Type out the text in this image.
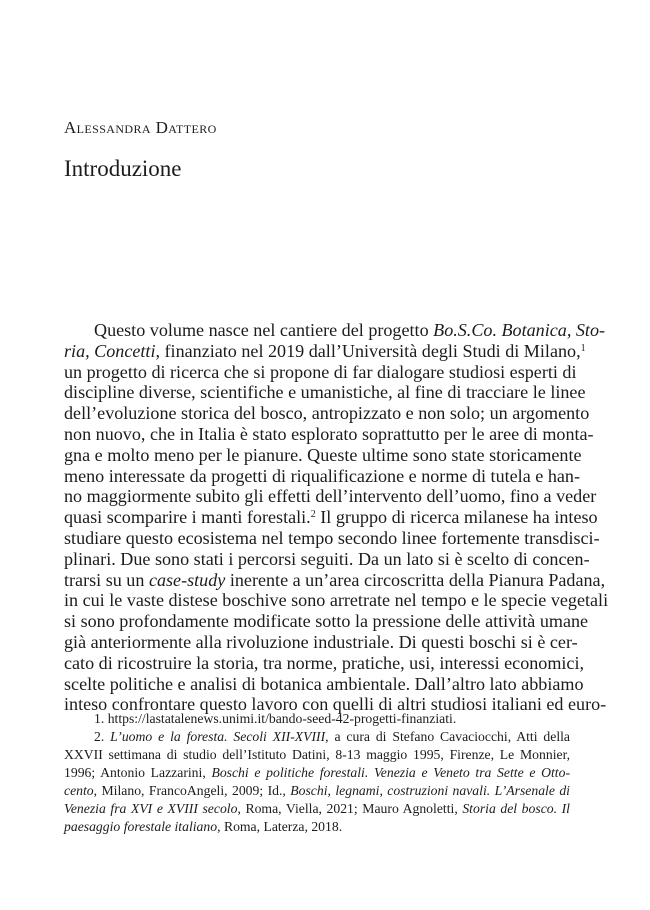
Alessandra Dattero
Introduzione
Questo volume nasce nel cantiere del progetto Bo.S.Co. Botanica, Sto-
ria, Concetti, finanziato nel 2019 dall’Università degli Studi di Milano,$^1$
un progetto di ricerca che si propone di far dialogare studiosi esperti di
discipline diverse, scientifiche e umanistiche, al fine di tracciare le linee
dell’evoluzione storica del bosco, antropizzato e non solo; un argomento
non nuovo, che in Italia è stato esplorato soprattutto per le aree di monta-
gna e molto meno per le pianure. Queste ultime sono state storicamente
meno interessate da progetti di riqualificazione e norme di tutela e han-
no maggiormente subito gli effetti dell’intervento dell’uomo, fino a veder
quasi scomparire i manti forestali.$^2$ Il gruppo di ricerca milanese ha inteso
studiare questo ecosistema nel tempo secondo linee fortemente transdisci-
plinari. Due sono stati i percorsi seguiti. Da un lato si è scelto di concen-
trarsi su un case-study inerente a un’area circoscritta della Pianura Padana,
in cui le vaste distese boschive sono arretrate nel tempo e le specie vegetali
si sono profondamente modificate sotto la pressione delle attività umane
già anteriormente alla rivoluzione industriale. Di questi boschi si è cer-
cato di ricostruire la storia, tra norme, pratiche, usi, interessi economici,
scelte politiche e analisi di botanica ambientale. Dall’altro lato abbiamo
inteso confrontare questo lavoro con quelli di altri studiosi italiani ed euro-
1. https://lastatalenews.unimi.it/bando-seed-42-progetti-finanziati.
2. L’uomo e la foresta. Secoli XII-XVIII, a cura di Stefano Cavaciocchi, Atti della
XXVII settimana di studio dell’Istituto Datini, 8-13 maggio 1995, Firenze, Le Monnier,
1996; Antonio Lazzarini, Boschi e politiche forestali. Venezia e Veneto tra Sette e Otto-
cento, Milano, FrancoAngeli, 2009; Id., Boschi, legnami, costruzioni navali. L’Arsenale di
Venezia fra XVI e XVIII secolo, Roma, Viella, 2021; Mauro Agnoletti, Storia del bosco. Il
paesaggio forestale italiano, Roma, Laterza, 2018.
